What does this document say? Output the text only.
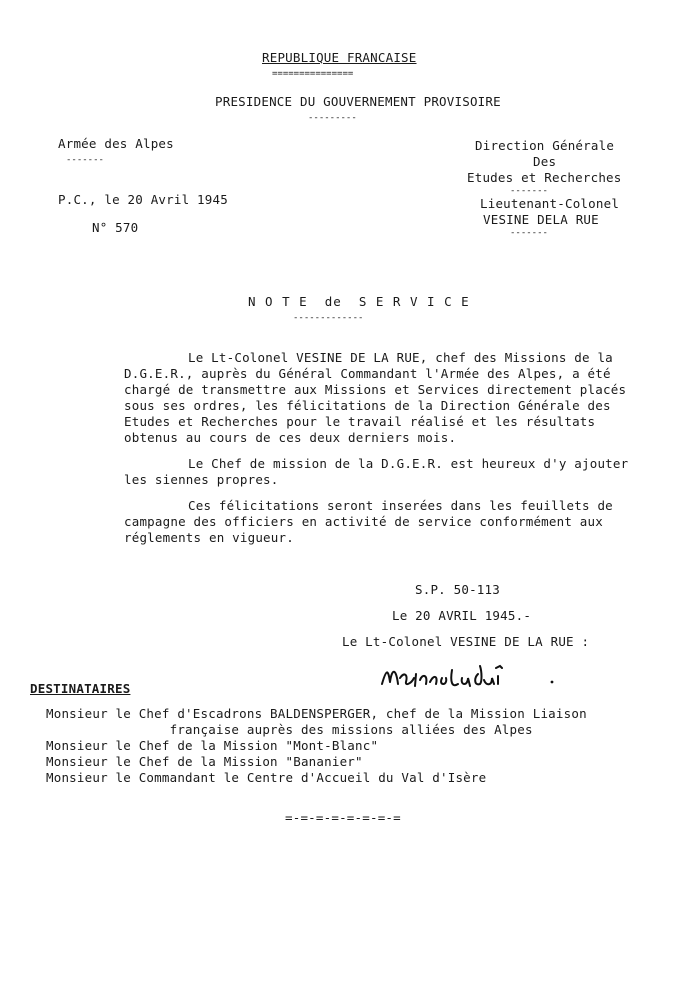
REPUBLIQUE FRANCAISE
===============
PRESIDENCE DU GOUVERNEMENT PROVISOIRE
---------
Armée des Alpes
-------
P.C., le 20 Avril 1945
N° 570
Direction Générale
Des
Etudes et Recherches
-------
Lieutenant-Colonel
VESINE DELA RUE
-------
N O T E  de  S E R V I C E
-------------
Le Lt-Colonel VESINE DE LA RUE, chef des Missions de la
D.G.E.R., auprès du Général Commandant l'Armée des Alpes, a été
chargé de transmettre aux Missions et Services directement placés
sous ses ordres, les félicitations de la Direction Générale des
Etudes et Recherches pour le travail réalisé et les résultats
obtenus au cours de ces deux derniers mois.
Le Chef de mission de la D.G.E.R. est heureux d'y ajouter
les siennes propres.
Ces félicitations seront inserées dans les feuillets de
campagne des officiers en activité de service conformément aux
réglements en vigueur.
S.P. 50-113
Le 20 AVRIL 1945.-
Le Lt-Colonel VESINE DE LA RUE :
DESTINATAIRES
Monsieur le Chef d'Escadrons BALDENSPERGER, chef de la Mission Liaison
française auprès des missions alliées des Alpes
Monsieur le Chef de la Mission "Mont-Blanc"
Monsieur le Chef de la Mission "Bananier"
Monsieur le Commandant le Centre d'Accueil du Val d'Isère
=-=-=-=-=-=-=-=
